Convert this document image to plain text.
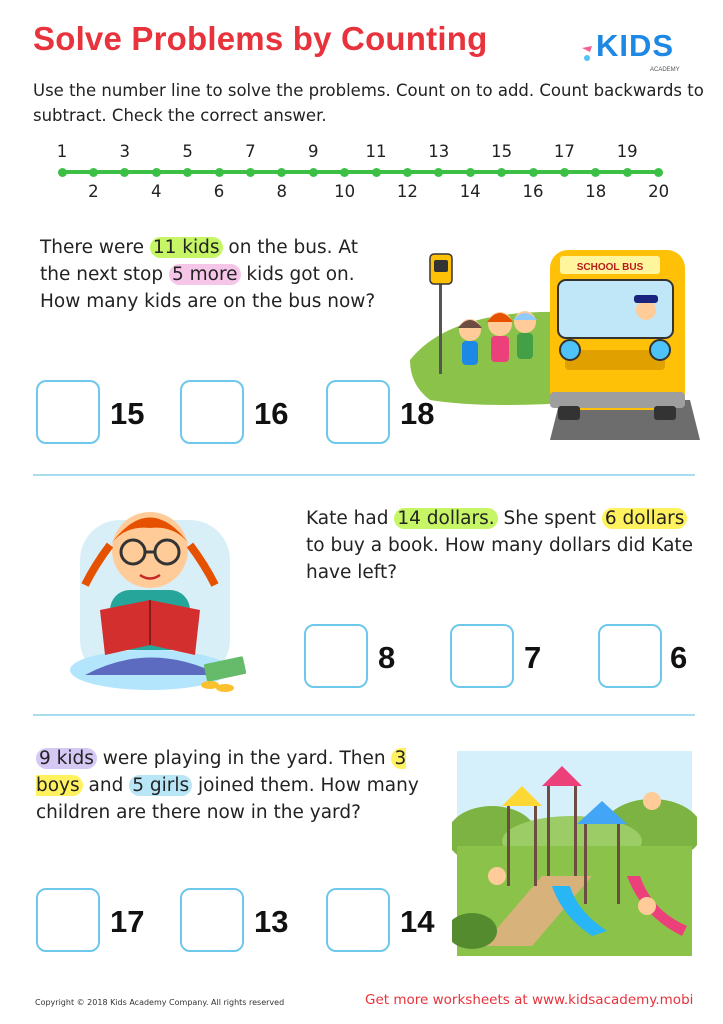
Solve Problems by Counting	KIDS
ACADEMY

Use the number line to solve the problems. Count on to add. Count backwards to subtract. Check the correct answer.

1
2
3
4
5
6
7
8
9
10
11
12
13
14
15
16
17
18
19
20

There were 11 kids on the bus. At the next stop 5 more kids got on. How many kids are on the bus now?

SCHOOL BUS
15	16	18

Kate had 14 dollars. She spent 6 dollars to buy a book. How many dollars did Kate have left?

8	7	6

9 kids were playing in the yard. Then 3 boys and 5 girls joined them. How many children are there now in the yard?

17	13	14
Copyright © 2018 Kids Academy Company. All rights reserved	Get more worksheets at www.kidsacademy.mobi
